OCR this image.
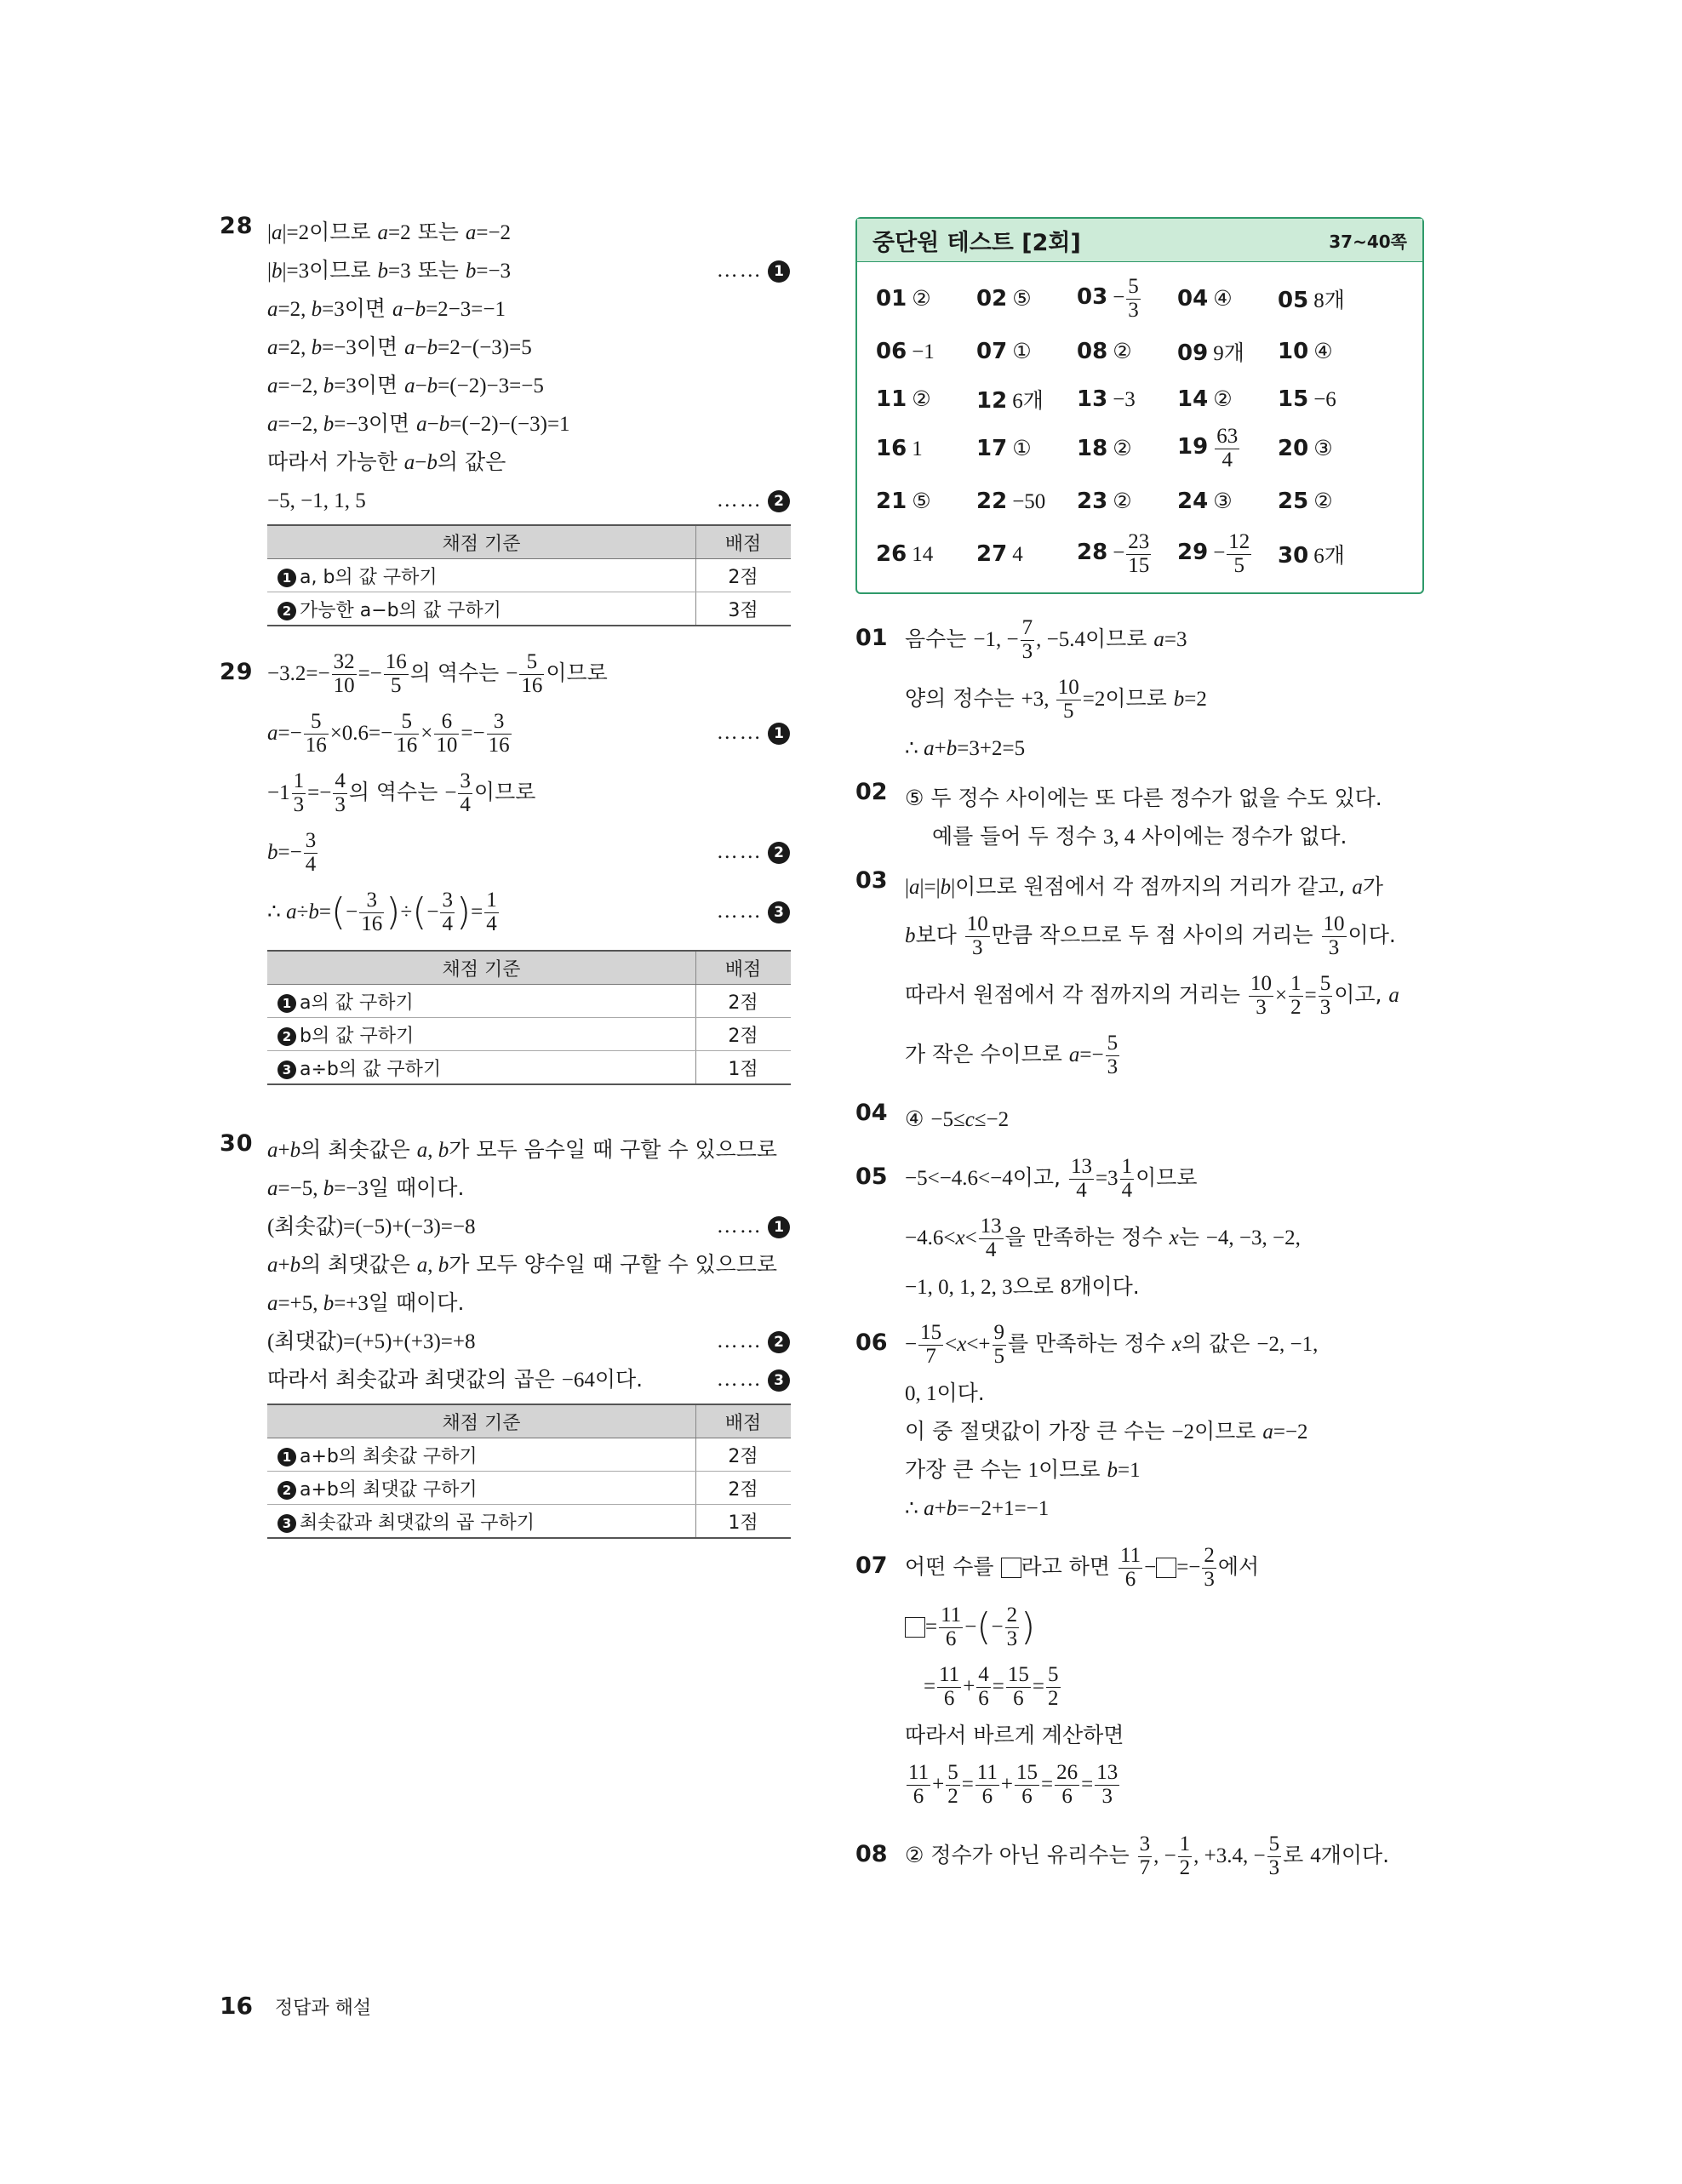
28 |a|=2이므로 a=2 또는 a=−2
|b|=3이므로 b=3 또는 b=−3	…… 1
a=2, b=3이면 a−b=2−3=−1
a=2, b=−3이면 a−b=2−(−3)=5
a=−2, b=3이면 a−b=(−2)−3=−5
a=−2, b=−3이면 a−b=(−2)−(−3)=1
따라서 가능한 a−b의 값은
−5, −1, 1, 5	…… 2
채점 기준	배점
1 a, b의 값 구하기	2점
2 가능한 a−b의 값 구하기	3점
$29 -3.2=- \frac{32}{10} =- \frac{16}{5}$ 의 역수는 − $\frac{5}{16}$ 이므로
$a=- \frac{5}{16} \times 0.6=- \frac{5}{16} \times \frac{6}{10} =- \frac{3}{16}$	…… 1
$-1 \frac{1}{3} =- \frac{4}{3}$ 의 역수는 − $\frac{3}{4}$ 이므로
$b=- \frac{3}{4}$	…… 2
∴ $a\div b=(- \frac{3}{16}$ )÷(− $\frac{3}{4}$ )= $\frac{1}{4}$	…… 3
채점 기준	배점
1 a의 값 구하기	2점
2 b의 값 구하기	2점
3 a÷b의 값 구하기	1점
30 a+b의 최솟값은 a, b가 모두 음수일 때 구할 수 있으므로
a=−5, b=−3일 때이다.
(최솟값)=(−5)+(−3)=−8	…… 1
a+b의 최댓값은 a, b가 모두 양수일 때 구할 수 있으므로
a=+5, b=+3일 때이다.
(최댓값)=(+5)+(+3)=+8	…… 2
따라서 최솟값과 최댓값의 곱은 −64이다.	…… 3
채점 기준	배점
1 a+b의 최솟값 구하기	2점
2 a+b의 최댓값 구하기	2점
3 최솟값과 최댓값의 곱 구하기	1점
중단원 테스트 [2회]	37~40쪽
01 ②	02 ⑤	$03 - \frac{5}{3} 04$ ④	05 8개
06 −1	07 ①	08 ②	09 9개	10 ④
11 ②	12 6개	13 −3	14 ②	15 −6
16 1	17 ①	18 ②	$19 \frac{63}{4} 20$ ③
21 ⑤	22 −50	23 ②	24 ③	25 ②
26 14	27 4	$28 - \frac{23}{15} 29 - \frac{12}{5} 30$ 6개
01 음수는 −1, − $\frac{7}{3}$ , −5.4이므로 a=3
양의 정수는 +3, $\frac{10}{5} =2$이므로 b=2
∴ a+b=3+2=5
02 ⑤ 두 정수 사이에는 또 다른 정수가 없을 수도 있다.
예를 들어 두 정수 3, 4 사이에는 정수가 없다.
03 |a|=|b|이므로 원점에서 각 점까지의 거리가 같고, a가
b보다 $\frac{10}{3}$ 만큼 작으므로 두 점 사이의 거리는 $\frac{10}{3}$ 이다.
따라서 원점에서 각 점까지의 거리는 $\frac{10}{3} \times \frac{1}{2} = \frac{5}{3}$ 이고, a
가 작은 수이므로 $a=- \frac{5}{3}$
04 ④ −5≤c≤−2
05 −5<−4.6<−4이고, $\frac{13}{4} =3 \frac{1}{4}$ 이므로
$-4.6<x< \frac{13}{4}$ 을 만족하는 정수 x는 −4, −3, −2,
−1, 0, 1, 2, 3으로 8개이다.
$06 - \frac{15}{7} <x<+ \frac{9}{5}$ 를 만족하는 정수 x의 값은 −2, −1,
0, 1이다.
이 중 절댓값이 가장 큰 수는 −2이므로 a=−2
가장 큰 수는 1이므로 b=1
∴ a+b=−2+1=−1
07 어떤 수를 라고 하면 $\frac{11}{6}$ − =− $\frac{2}{3}$ 에서
= $\frac{11}{6}$ −(− $\frac{2}{3}$ )
= $\frac{11}{6} + \frac{4}{6} = \frac{15}{6} = \frac{5}{2}$
따라서 바르게 계산하면
$\frac{11}{6} + \frac{5}{2} = \frac{11}{6} + \frac{15}{6} = \frac{26}{6} = \frac{13}{3}$
08 ② 정수가 아닌 유리수는 $\frac{3}{7}$ , − $\frac{1}{2}$ , +3.4, − $\frac{5}{3}$ 로 4개이다.
16 정답과 해설
